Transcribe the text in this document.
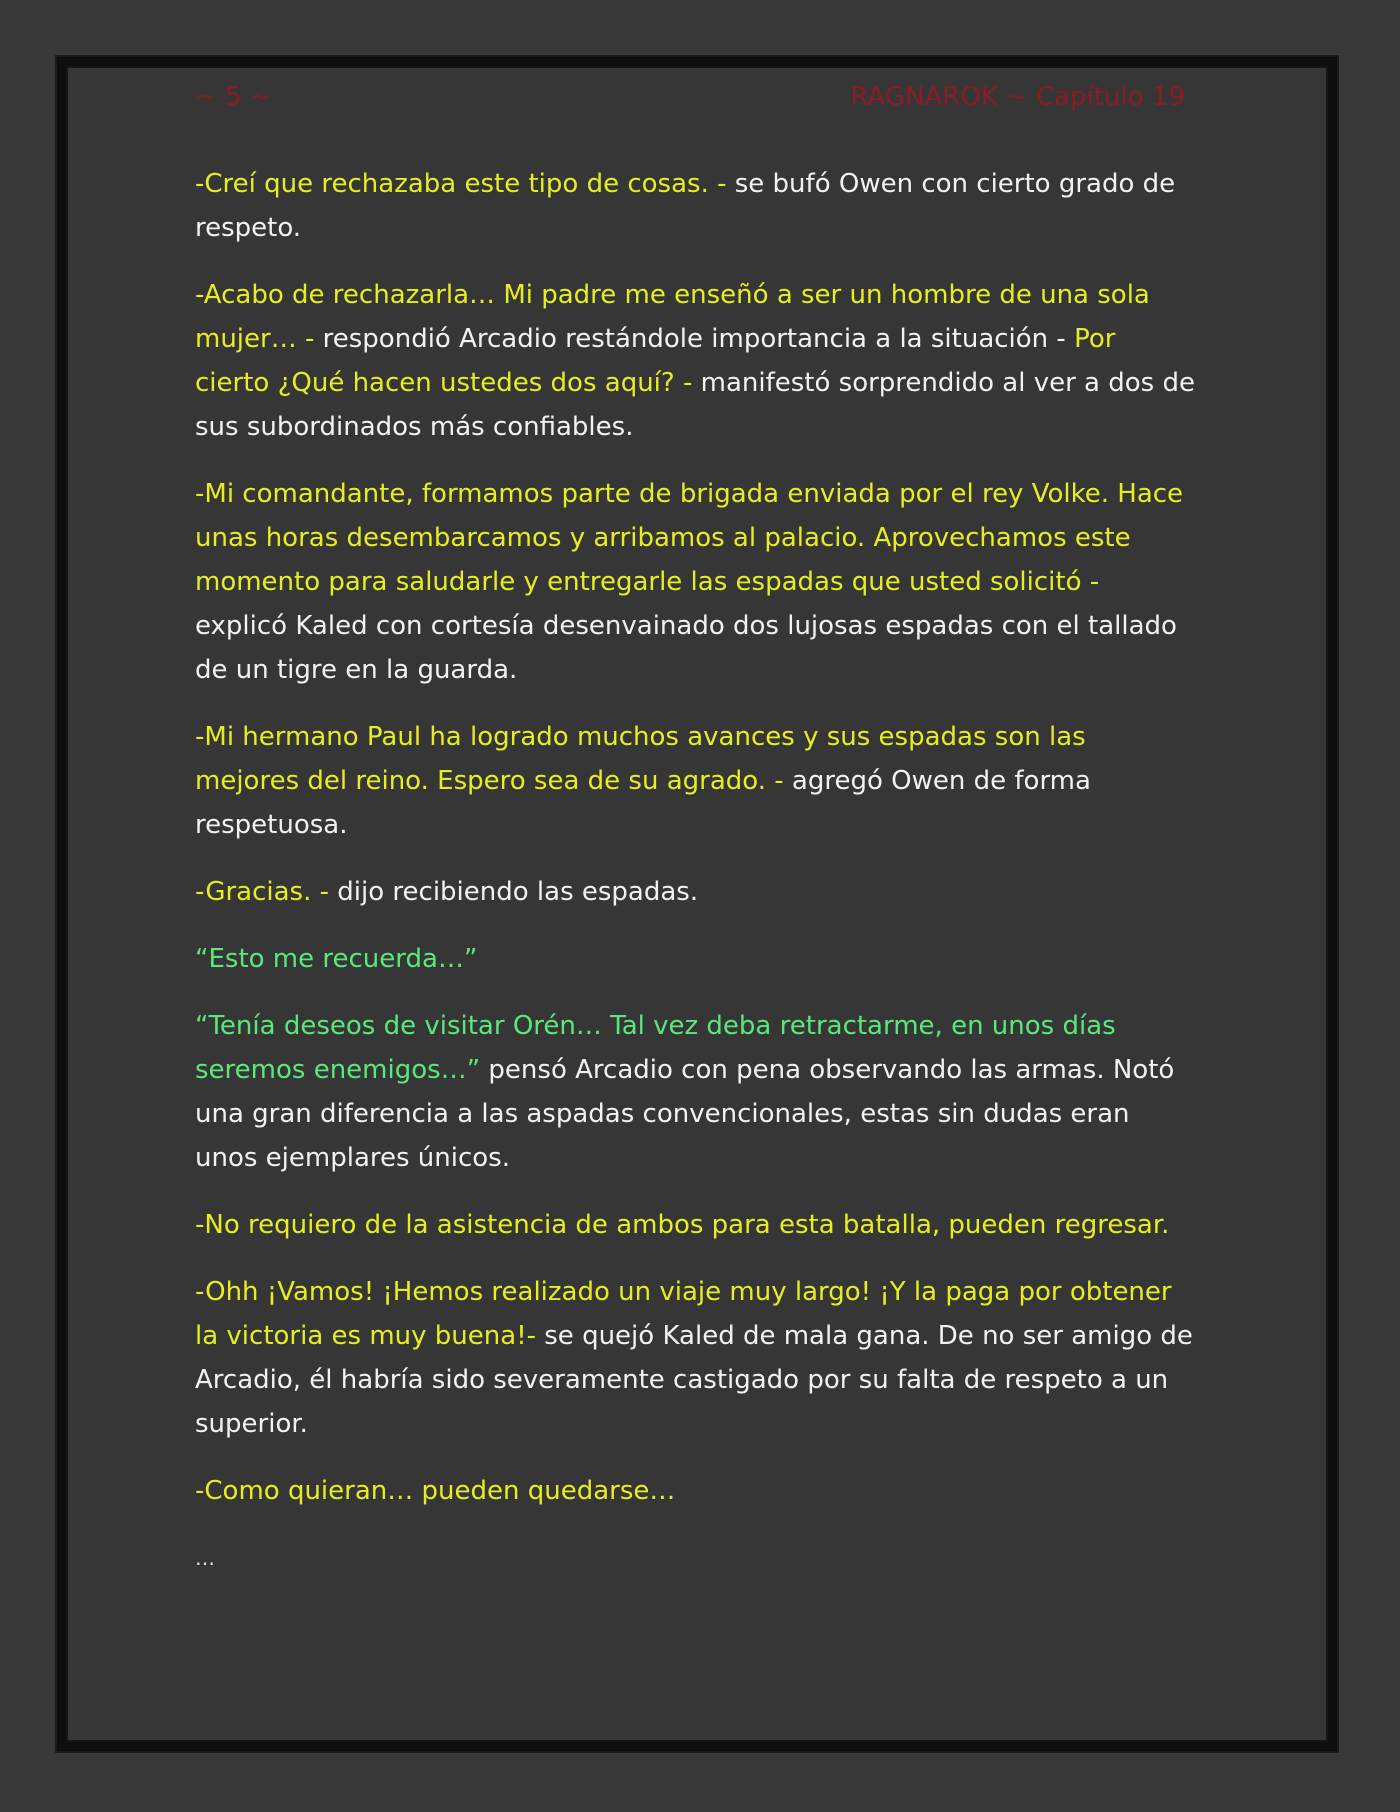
~ 5 ~	RAGNAROK ~ Capítulo 19

-Creí que rechazaba este tipo de cosas. - se bufó Owen con cierto grado de respeto.

-Acabo de rechazarla… Mi padre me enseñó a ser un hombre de una sola mujer… - respondió Arcadio restándole importancia a la situación - Por cierto ¿Qué hacen ustedes dos aquí? - manifestó sorprendido al ver a dos de sus subordinados más confiables.

-Mi comandante, formamos parte de brigada enviada por el rey Volke. Hace unas horas desembarcamos y arribamos al palacio. Aprovechamos este momento para saludarle y entregarle las espadas que usted solicitó - explicó Kaled con cortesía desenvainado dos lujosas espadas con el tallado de un tigre en la guarda.

-Mi hermano Paul ha logrado muchos avances y sus espadas son las mejores del reino. Espero sea de su agrado. - agregó Owen de forma respetuosa.

-Gracias. - dijo recibiendo las espadas.

“Esto me recuerda…”

“Tenía deseos de visitar Orén… Tal vez deba retractarme, en unos días seremos enemigos…” pensó Arcadio con pena observando las armas. Notó una gran diferencia a las aspadas convencionales, estas sin dudas eran unos ejemplares únicos.

-No requiero de la asistencia de ambos para esta batalla, pueden regresar.

-Ohh ¡Vamos! ¡Hemos realizado un viaje muy largo! ¡Y la paga por obtener la victoria es muy buena!- se quejó Kaled de mala gana. De no ser amigo de Arcadio, él habría sido severamente castigado por su falta de respeto a un superior.

-Como quieran… pueden quedarse…

…
